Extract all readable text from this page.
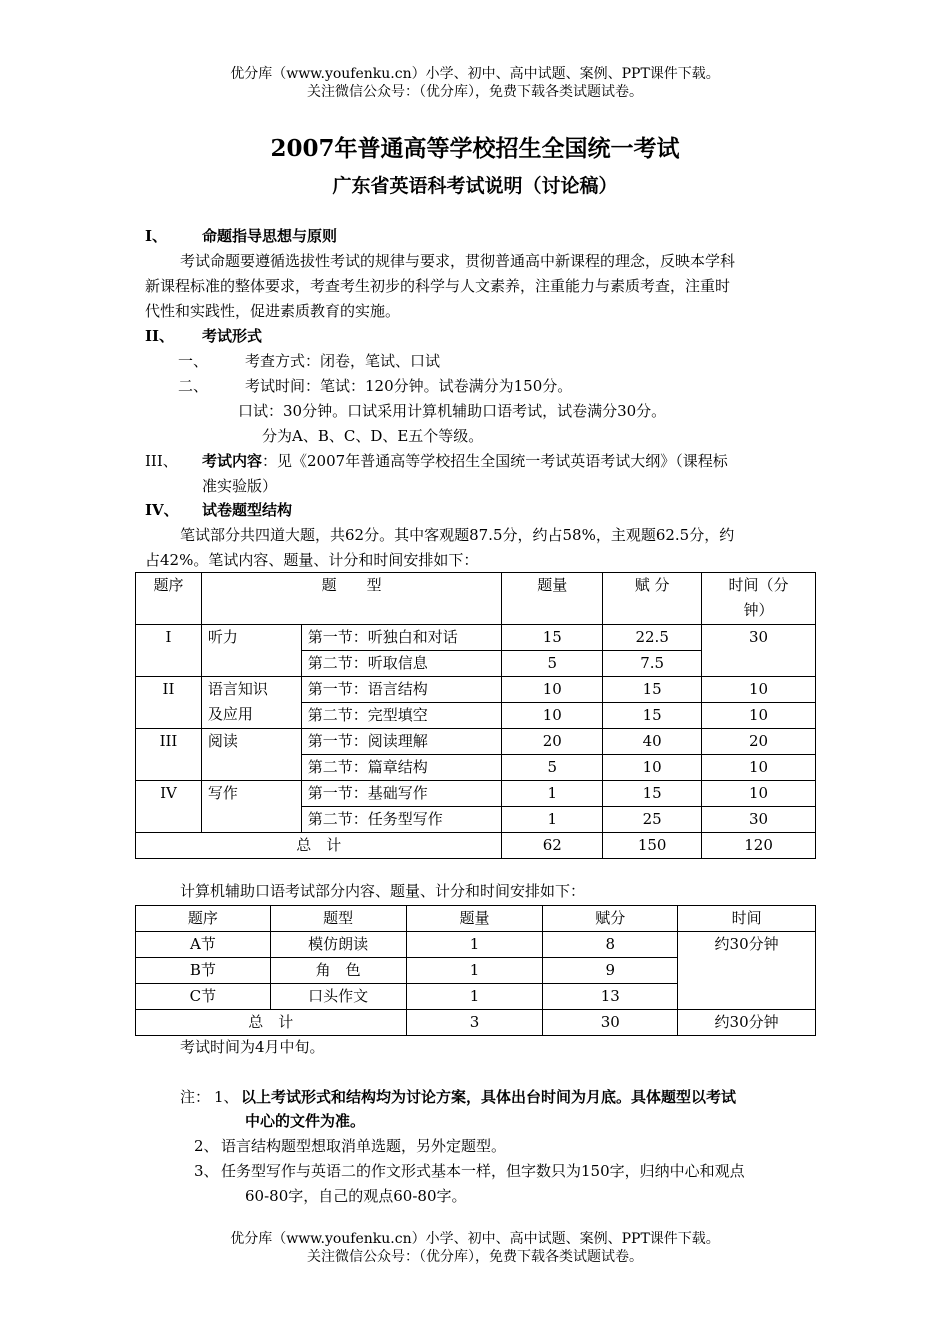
优分库（www.youfenku.cn）小学、初中、高中试题、案例、PPT课件下载。
关注微信公众号：（优分库），免费下载各类试题试卷。
2007年普通高等学校招生全国统一考试
广东省英语科考试说明（讨论稿）
I、 命题指导思想与原则
考试命题要遵循选拔性考试的规律与要求，贯彻普通高中新课程的理念，反映本学科
新课程标准的整体要求，考查考生初步的科学与人文素养，注重能力与素质考查，注重时
代性和实践性，促进素质教育的实施。
II、 考试形式
一、 考查方式：闭卷，笔试、口试
二、 考试时间：笔试：120分钟。试卷满分为150分。
口试：30分钟。口试采用计算机辅助口语考试，试卷满分30分。
分为A、B、C、D、E五个等级。
III、 考试内容：见《2007年普通高等学校招生全国统一考试英语考试大纲》（课程标
准实验版）
IV、 试卷题型结构
笔试部分共四道大题，共62分。其中客观题87.5分，约占58%，主观题62.5分，约
占42%。笔试内容、题量、计分和时间安排如下：
题序	题　　型		题量	赋 分	时间（分
钟）
I	听力	第一节：听独白和对话	15	22.5	30
		第二节：听取信息	5	7.5	
II	语言知识
及应用	第一节：语言结构	10	15	10
		第二节：完型填空	10	15	10
III	阅读	第一节：阅读理解	20	40	20
		第二节：篇章结构	5	10	10
IV	写作	第一节：基础写作	1	15	10
		第二节：任务型写作	1	25	30
总　计			62	150	120
计算机辅助口语考试部分内容、题量、计分和时间安排如下：
题序	题型	题量	赋分	时间
A节	模仿朗读	1	8	约30分钟
B节	角　色	1	9	
C节	口头作文	1	13	
总　计		3	30	约30分钟
考试时间为4月中旬。
注： 1、 以上考试形式和结构均为讨论方案，具体出台时间为月底。具体题型以考试
中心的文件为准。
2、 语言结构题型想取消单选题，另外定题型。
3、 任务型写作与英语二的作文形式基本一样，但字数只为150字，归纳中心和观点
60-80字，自己的观点60-80字。
优分库（www.youfenku.cn）小学、初中、高中试题、案例、PPT课件下载。
关注微信公众号：（优分库），免费下载各类试题试卷。
